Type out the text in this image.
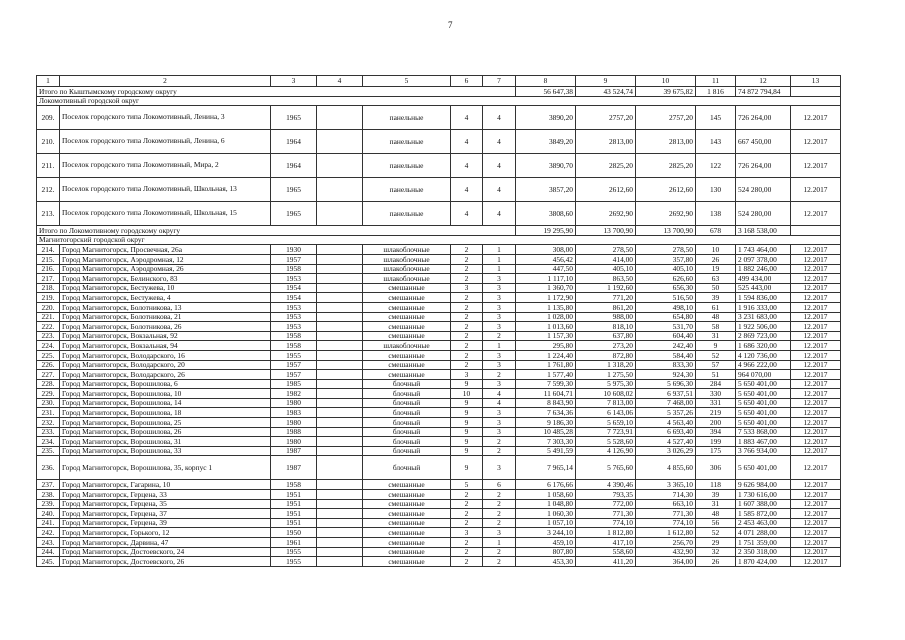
7
1	2	3	4	5	6	7	8	9	10	11	12	13
Итого по Кыштымскому городскому округу							56 647,38	43 524,74	39 675,82	1 816	74 872 794,84	
Локомотивный городской округ												
209.	Поселок городского типа Локомотивный, Ленина, 3	1965		панельные	4	4	3890,20	2757,20	2757,20	145	726 264,00	12.2017
210.	Поселок городского типа Локомотивный, Ленина, 6	1964		панельные	4	4	3849,20	2813,00	2813,00	143	667 450,00	12.2017
211.	Поселок городского типа Локомотивный, Мира, 2	1964		панельные	4	4	3890,70	2825,20	2825,20	122	726 264,00	12.2017
212.	Поселок городского типа Локомотивный, Школьная, 13	1965		панельные	4	4	3857,20	2612,60	2612,60	130	524 280,00	12.2017
213.	Поселок городского типа Локомотивный, Школьная, 15	1965		панельные	4	4	3808,60	2692,90	2692,90	138	524 280,00	12.2017
Итого по Локомотивному городскому округу							19 295,90	13 700,90	13 700,90	678	3 168 538,00	
Магнитогорский городской округ												
214.	Город Магнитогорск, Просвечная, 26а	1930		шлакоблочные	2	1	308,00	278,50	278,50	10	1 743 464,00	12.2017
215.	Город Магнитогорск, Аэродромная, 12	1957		шлакоблочные	2	1	456,42	414,00	357,80	26	2 097 378,00	12.2017
216.	Город Магнитогорск, Аэродромная, 26	1958		шлакоблочные	2	1	447,50	405,10	405,10	19	1 882 246,00	12.2017
217.	Город Магнитогорск, Белинского, 83	1953		шлакоблочные	2	3	1 117,10	863,50	626,60	63	499 434,00	12.2017
218.	Город Магнитогорск, Бестужева, 10	1954		смешанные	3	3	1 360,70	1 192,60	656,30	50	525 443,00	12.2017
219.	Город Магнитогорск, Бестужева, 4	1954		смешанные	2	3	1 172,90	771,20	516,50	39	1 594 836,00	12.2017
220.	Город Магнитогорск, Болотникова, 13	1953		смешанные	2	3	1 135,80	861,20	498,10	61	1 916 333,00	12.2017
221.	Город Магнитогорск, Болотникова, 21	1953		смешанные	2	3	1 028,00	988,00	654,80	48	3 231 683,00	12.2017
222.	Город Магнитогорск, Болотникова, 26	1953		смешанные	2	3	1 013,60	818,10	531,70	58	1 922 506,00	12.2017
223.	Город Магнитогорск, Вокзальная, 92	1958		смешанные	2	2	1 157,30	637,80	604,40	31	2 869 723,00	12.2017
224.	Город Магнитогорск, Вокзальная, 94	1958		шлакоблочные	2	1	295,80	273,20	242,40	9	1 686 320,00	12.2017
225.	Город Магнитогорск, Володарского, 16	1955		смешанные	2	3	1 224,40	872,80	584,40	52	4 120 736,00	12.2017
226.	Город Магнитогорск, Володарского, 20	1957		смешанные	2	3	1 761,80	1 318,20	833,30	57	4 966 222,00	12.2017
227.	Город Магнитогорск, Володарского, 26	1957		смешанные	3	2	1 577,40	1 275,50	924,30	51	964 070,00	12.2017
228.	Город Магнитогорск, Ворошилова, 6	1985		блочный	9	3	7 599,30	5 975,30	5 696,30	284	5 650 401,00	12.2017
229.	Город Магнитогорск, Ворошилова, 10	1982		блочный	10	4	11 604,71	10 608,02	6 937,51	330	5 650 401,00	12.2017
230.	Город Магнитогорск, Ворошилова, 14	1980		блочный	9	4	8 843,90	7 813,00	7 468,00	331	5 650 401,00	12.2017
231.	Город Магнитогорск, Ворошилова, 18	1983		блочный	9	3	7 634,36	6 143,06	5 357,26	219	5 650 401,00	12.2017
232.	Город Магнитогорск, Ворошилова, 25	1980		блочный	9	3	9 186,30	5 659,10	4 563,40	200	5 650 401,00	12.2017
233.	Город Магнитогорск, Ворошилова, 26	1988		блочный	9	3	10 485,28	7 723,91	6 693,40	394	7 533 868,00	12.2017
234.	Город Магнитогорск, Ворошилова, 31	1980		блочный	9	2	7 303,30	5 528,60	4 527,40	199	1 883 467,00	12.2017
235.	Город Магнитогорск, Ворошилова, 33	1987		блочный	9	2	5 491,59	4 126,90	3 026,29	175	3 766 934,00	12.2017
236.	Город Магнитогорск, Ворошилова, 35, корпус 1	1987		блочный	9	3	7 965,14	5 765,60	4 855,60	306	5 650 401,00	12.2017
237.	Город Магнитогорск, Гагарина, 10	1958		смешанные	5	6	6 176,66	4 390,46	3 365,10	118	9 626 984,00	12.2017
238.	Город Магнитогорск, Герцена, 33	1951		смешанные	2	2	1 058,60	793,35	714,30	39	1 730 616,00	12.2017
239.	Город Магнитогорск, Герцена, 35	1951		смешанные	2	2	1 048,80	772,00	663,10	31	1 607 388,00	12.2017
240.	Город Магнитогорск, Герцена, 37	1951		смешанные	2	2	1 060,30	771,30	771,30	48	1 585 872,00	12.2017
241.	Город Магнитогорск, Герцена, 39	1951		смешанные	2	2	1 057,10	774,10	774,10	56	2 453 463,00	12.2017
242.	Город Магнитогорск, Горького, 12	1950		смешанные	3	3	3 244,10	1 812,80	1 612,80	52	4 071 288,00	12.2017
243.	Город Магнитогорск, Дарвина, 47	1961		смешанные	2	1	459,10	417,10	256,70	29	1 751 359,00	12.2017
244.	Город Магнитогорск, Достоевского, 24	1955		смешанные	2	2	807,80	558,60	432,90	32	2 350 318,00	12.2017
245.	Город Магнитогорск, Достоевского, 26	1955		смешанные	2	2	453,30	411,20	364,00	26	1 870 424,00	12.2017
